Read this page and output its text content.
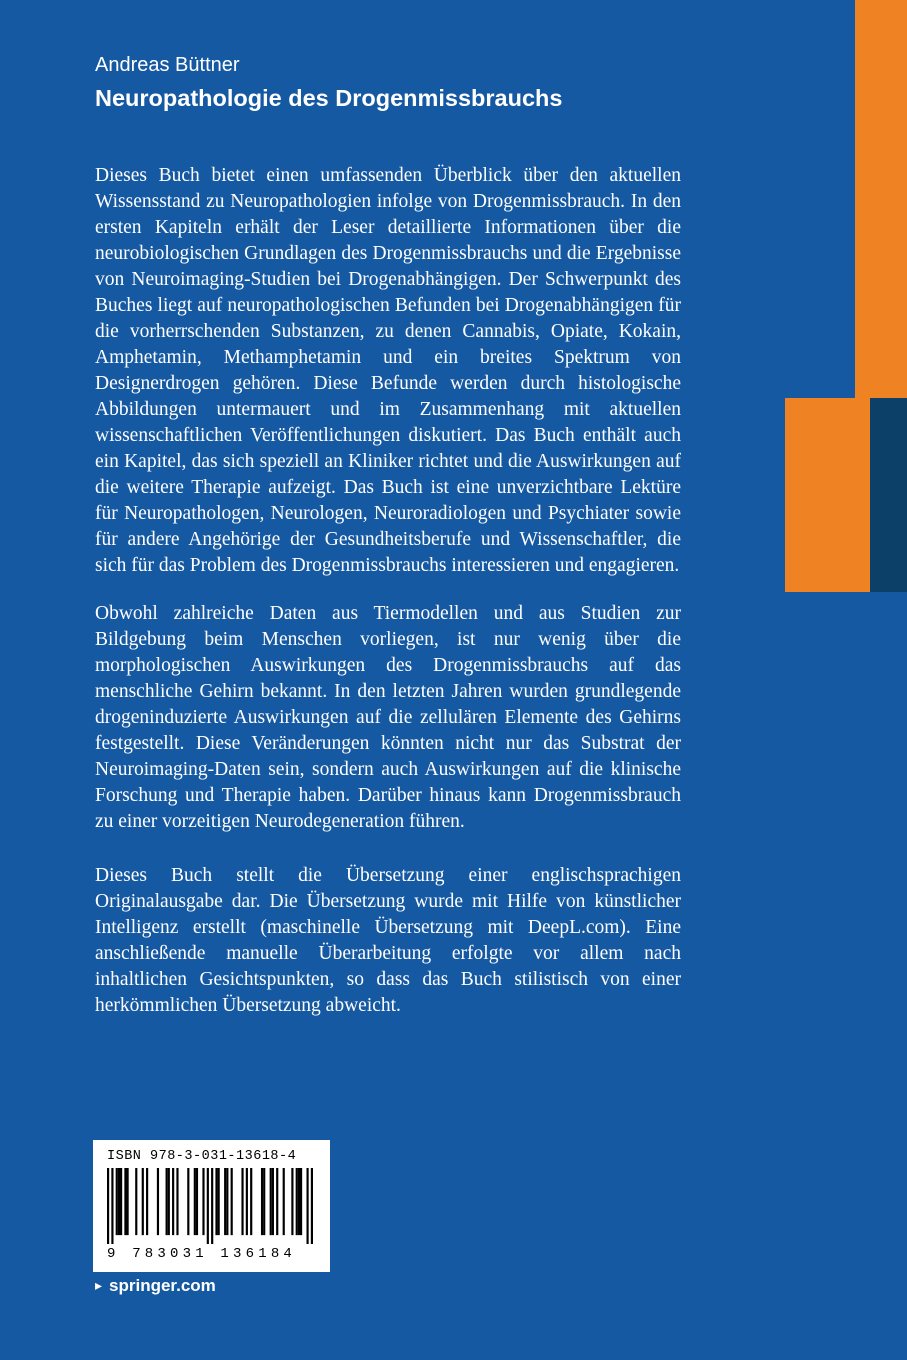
Andreas Büttner
Neuropathologie des Drogenmissbrauchs

Dieses Buch bietet einen umfassenden Überblick über den aktuellen Wissensstand zu Neuropathologien infolge von Drogenmissbrauch. In den ersten Kapiteln erhält der Leser detaillierte Informationen über die neurobiologischen Grundlagen des Drogenmissbrauchs und die Ergebnisse von Neuroimaging-Studien bei Drogenabhängigen. Der Schwerpunkt des Buches liegt auf neuropathologischen Befunden bei Drogenabhängigen für die vorherrschenden Substanzen, zu denen Cannabis, Opiate, Kokain, Amphetamin, Methamphetamin und ein breites Spektrum von Designerdrogen gehören. Diese Befunde werden durch histologische Abbildungen untermauert und im Zusammenhang mit aktuellen wissenschaftlichen Veröffentlichungen diskutiert. Das Buch enthält auch ein Kapitel, das sich speziell an Kliniker richtet und die Auswirkungen auf die weitere Therapie aufzeigt. Das Buch ist eine unverzichtbare Lektüre für Neuropathologen, Neurologen, Neuroradiologen und Psychiater sowie für andere Angehörige der Gesundheitsberufe und Wissenschaftler, die sich für das Problem des Drogenmissbrauchs interessieren und engagieren.

Obwohl zahlreiche Daten aus Tiermodellen und aus Studien zur Bildgebung beim Menschen vorliegen, ist nur wenig über die morphologischen Auswirkungen des Drogenmissbrauchs auf das menschliche Gehirn bekannt. In den letzten Jahren wurden grundlegende drogeninduzierte Auswirkungen auf die zellulären Elemente des Gehirns festgestellt. Diese Veränderungen könnten nicht nur das Substrat der Neuroimaging-Daten sein, sondern auch Auswirkungen auf die klinische Forschung und Therapie haben. Darüber hinaus kann Drogenmissbrauch zu einer vorzeitigen Neurodegeneration führen.

Dieses Buch stellt die Übersetzung einer englischsprachigen Originalausgabe dar. Die Übersetzung wurde mit Hilfe von künstlicher Intelligenz erstellt (maschinelle Übersetzung mit DeepL.com). Eine anschließende manuelle Überarbeitung erfolgte vor allem nach inhaltlichen Gesichtspunkten, so dass das Buch stilistisch von einer herkömmlichen Übersetzung abweicht.

ISBN 978-3-031-13618-4
9 783031 136184
▸ springer.com
